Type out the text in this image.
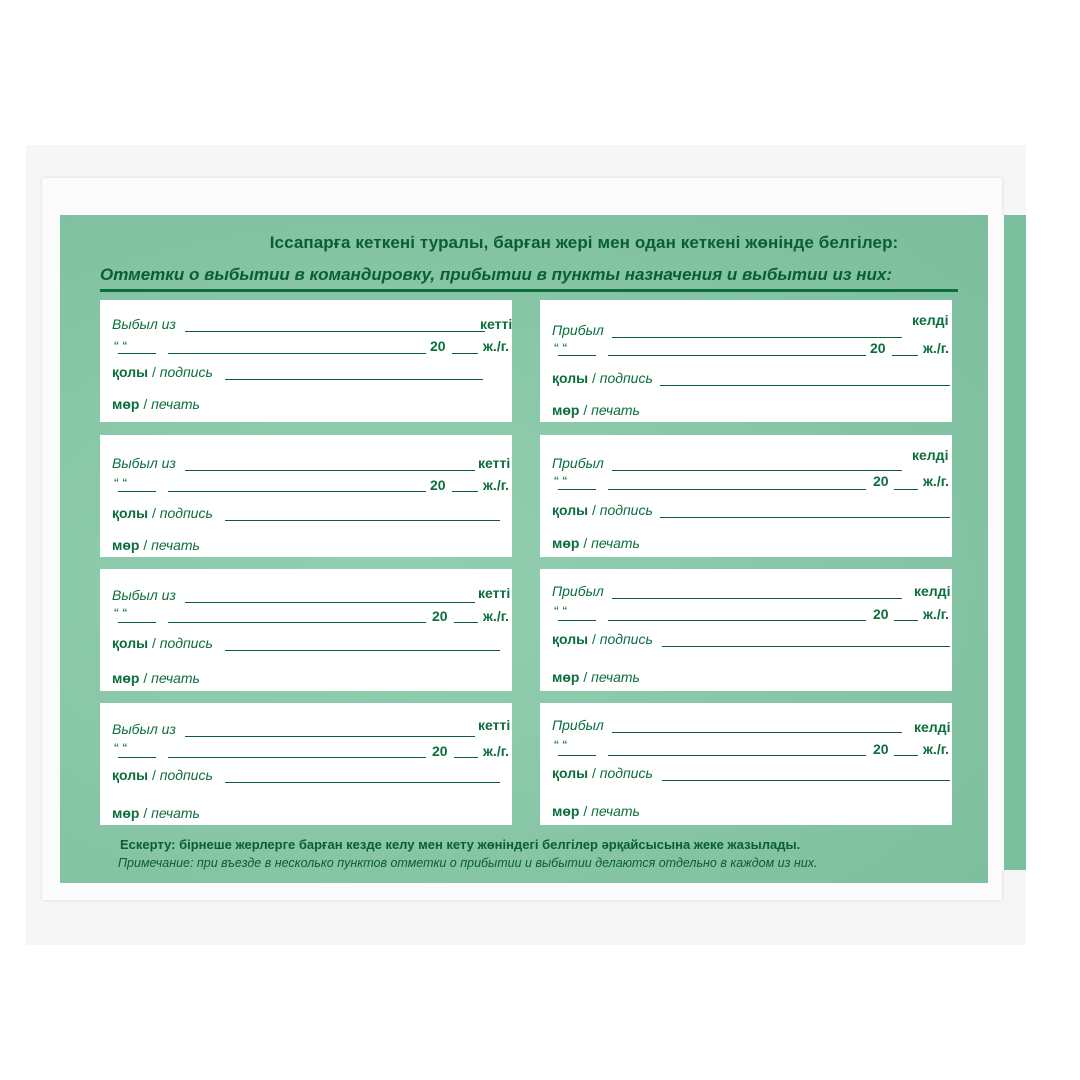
Іссапарға кеткені туралы, барған жері мен одан кеткені жөнінде белгілер:
Отметки о выбытии в командировку, прибытии в пункты назначения и выбытии из них:
Выбыл из	кетті
“ “	20	ж./г.
қолы / подпись
мөр / печать
Прибыл
келді
“ “	20	ж./г.
қолы / подпись
мөр / печать
Выбыл из	кетті
“ “	20	ж./г.
қолы / подпись
мөр / печать
Прибыл	келді
“ “	20 ж./г.
қолы / подпись
мөр / печать
Выбыл из	кетті
“ “	20	ж./г.
қолы / подпись
мөр / печать
Прибыл	келді
“ “	20 ж./г.
қолы / подпись
мөр / печать
Выбыл из	кетті
“ “	20	ж./г.
қолы / подпись
мөр / печать
Прибыл	келді
“ “	20 ж./г.
қолы / подпись
мөр / печать
Ескерту: бірнеше жерлерге барған кезде келу мен кету жөніндегі белгілер әрқайсысына жеке жазылады.
Примечание: при въезде в несколько пунктов отметки о прибытии и выбытии делаются отдельно в каждом из них.
